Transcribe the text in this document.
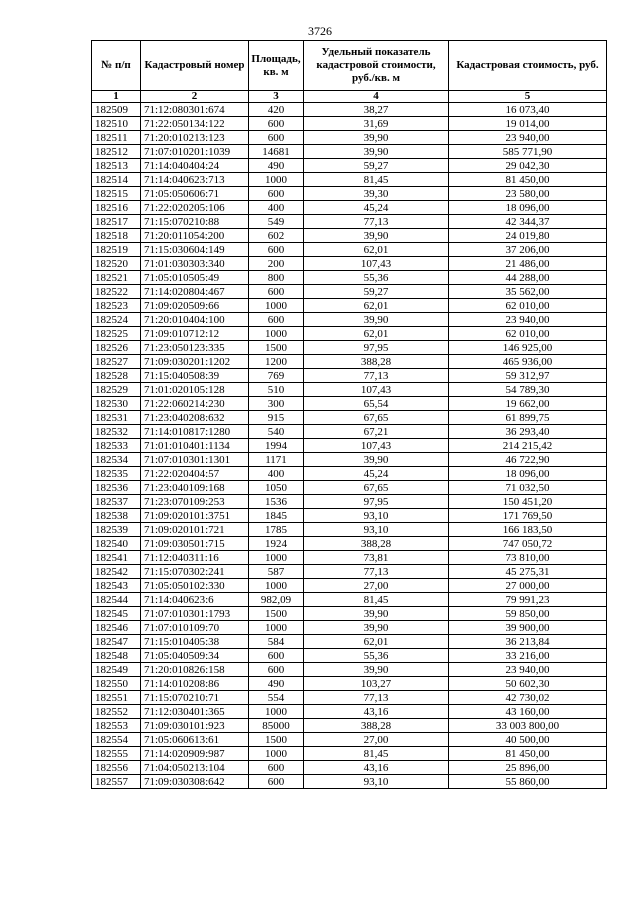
3726
№ п/п	Кадастровый номер	Площадь, кв. м	Удельный показатель кадастровой стоимости, руб./кв. м	Кадастровая стоимость, руб.
1	2	3	4	5
182509	71:12:080301:674	420	38,27	16 073,40
182510	71:22:050134:122	600	31,69	19 014,00
182511	71:20:010213:123	600	39,90	23 940,00
182512	71:07:010201:1039	14681	39,90	585 771,90
182513	71:14:040404:24	490	59,27	29 042,30
182514	71:14:040623:713	1000	81,45	81 450,00
182515	71:05:050606:71	600	39,30	23 580,00
182516	71:22:020205:106	400	45,24	18 096,00
182517	71:15:070210:88	549	77,13	42 344,37
182518	71:20:011054:200	602	39,90	24 019,80
182519	71:15:030604:149	600	62,01	37 206,00
182520	71:01:030303:340	200	107,43	21 486,00
182521	71:05:010505:49	800	55,36	44 288,00
182522	71:14:020804:467	600	59,27	35 562,00
182523	71:09:020509:66	1000	62,01	62 010,00
182524	71:20:010404:100	600	39,90	23 940,00
182525	71:09:010712:12	1000	62,01	62 010,00
182526	71:23:050123:335	1500	97,95	146 925,00
182527	71:09:030201:1202	1200	388,28	465 936,00
182528	71:15:040508:39	769	77,13	59 312,97
182529	71:01:020105:128	510	107,43	54 789,30
182530	71:22:060214:230	300	65,54	19 662,00
182531	71:23:040208:632	915	67,65	61 899,75
182532	71:14:010817:1280	540	67,21	36 293,40
182533	71:01:010401:1134	1994	107,43	214 215,42
182534	71:07:010301:1301	1171	39,90	46 722,90
182535	71:22:020404:57	400	45,24	18 096,00
182536	71:23:040109:168	1050	67,65	71 032,50
182537	71:23:070109:253	1536	97,95	150 451,20
182538	71:09:020101:3751	1845	93,10	171 769,50
182539	71:09:020101:721	1785	93,10	166 183,50
182540	71:09:030501:715	1924	388,28	747 050,72
182541	71:12:040311:16	1000	73,81	73 810,00
182542	71:15:070302:241	587	77,13	45 275,31
182543	71:05:050102:330	1000	27,00	27 000,00
182544	71:14:040623:6	982,09	81,45	79 991,23
182545	71:07:010301:1793	1500	39,90	59 850,00
182546	71:07:010109:70	1000	39,90	39 900,00
182547	71:15:010405:38	584	62,01	36 213,84
182548	71:05:040509:34	600	55,36	33 216,00
182549	71:20:010826:158	600	39,90	23 940,00
182550	71:14:010208:86	490	103,27	50 602,30
182551	71:15:070210:71	554	77,13	42 730,02
182552	71:12:030401:365	1000	43,16	43 160,00
182553	71:09:030101:923	85000	388,28	33 003 800,00
182554	71:05:060613:61	1500	27,00	40 500,00
182555	71:14:020909:987	1000	81,45	81 450,00
182556	71:04:050213:104	600	43,16	25 896,00
182557	71:09:030308:642	600	93,10	55 860,00
